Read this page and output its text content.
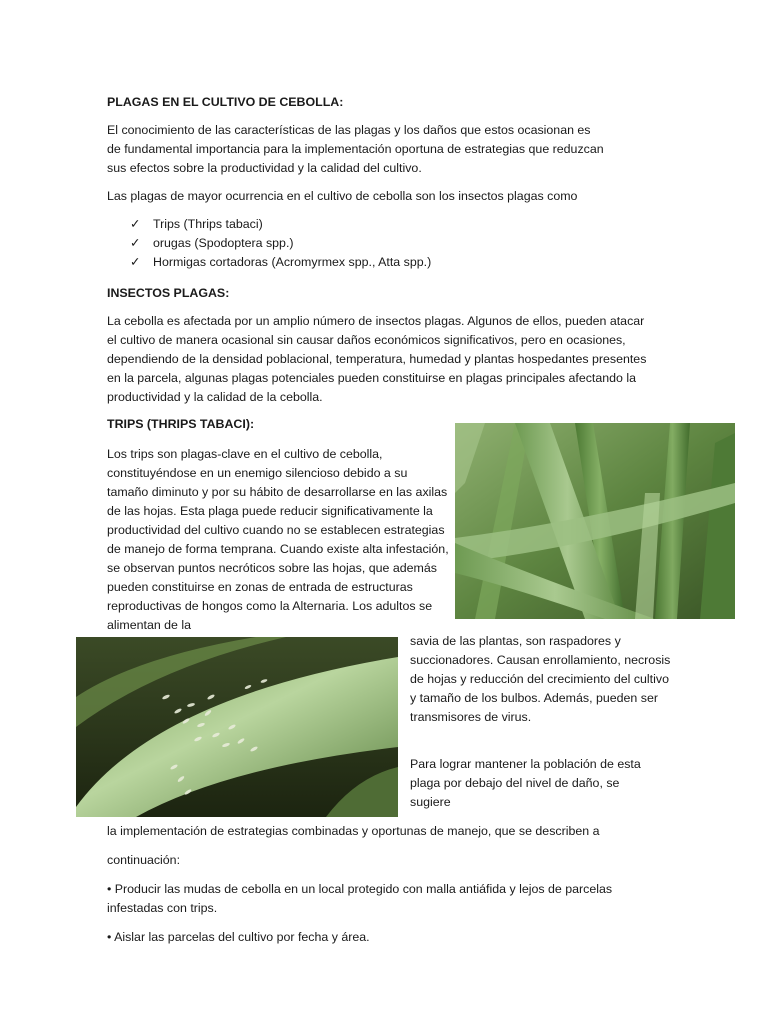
PLAGAS EN EL CULTIVO DE CEBOLLA:

El conocimiento de las características de las plagas y los daños que estos ocasionan es de fundamental importancia para la implementación oportuna de estrategias que reduzcan sus efectos sobre la productividad y la calidad del cultivo.

Las plagas de mayor ocurrencia en el cultivo de cebolla son los insectos plagas como

✓ Trips (Thrips tabaci)
✓ orugas (Spodoptera spp.)
✓ Hormigas cortadoras (Acromyrmex spp., Atta spp.)

INSECTOS PLAGAS:

La cebolla es afectada por un amplio número de insectos plagas. Algunos de ellos, pueden atacar el cultivo de manera ocasional sin causar daños económicos significativos, pero en ocasiones, dependiendo de la densidad poblacional, temperatura, humedad y plantas hospedantes presentes en la parcela, algunas plagas potenciales pueden constituirse en plagas principales afectando la productividad y la calidad de la cebolla.

TRIPS (THRIPS TABACI):

Los trips son plagas-clave en el cultivo de cebolla, constituyéndose en un enemigo silencioso debido a su tamaño diminuto y por su hábito de desarrollarse en las axilas de las hojas. Esta plaga puede reducir significativamente la productividad del cultivo cuando no se establecen estrategias de manejo de forma temprana. Cuando existe alta infestación, se observan puntos necróticos sobre las hojas, que además pueden constituirse en zonas de entrada de estructuras reproductivas de hongos como la Alternaria. Los adultos se alimentan de la

savia de las plantas, son raspadores y succionadores. Causan enrollamiento, necrosis de hojas y reducción del crecimiento del cultivo y tamaño de los bulbos. Además, pueden ser transmisores de virus.

Para lograr mantener la población de esta plaga por debajo del nivel de daño, se sugiere

la implementación de estrategias combinadas y oportunas de manejo, que se describen a

continuación:

• Producir las mudas de cebolla en un local protegido con malla antiáfida y lejos de parcelas infestadas con trips.

• Aislar las parcelas del cultivo por fecha y área.
